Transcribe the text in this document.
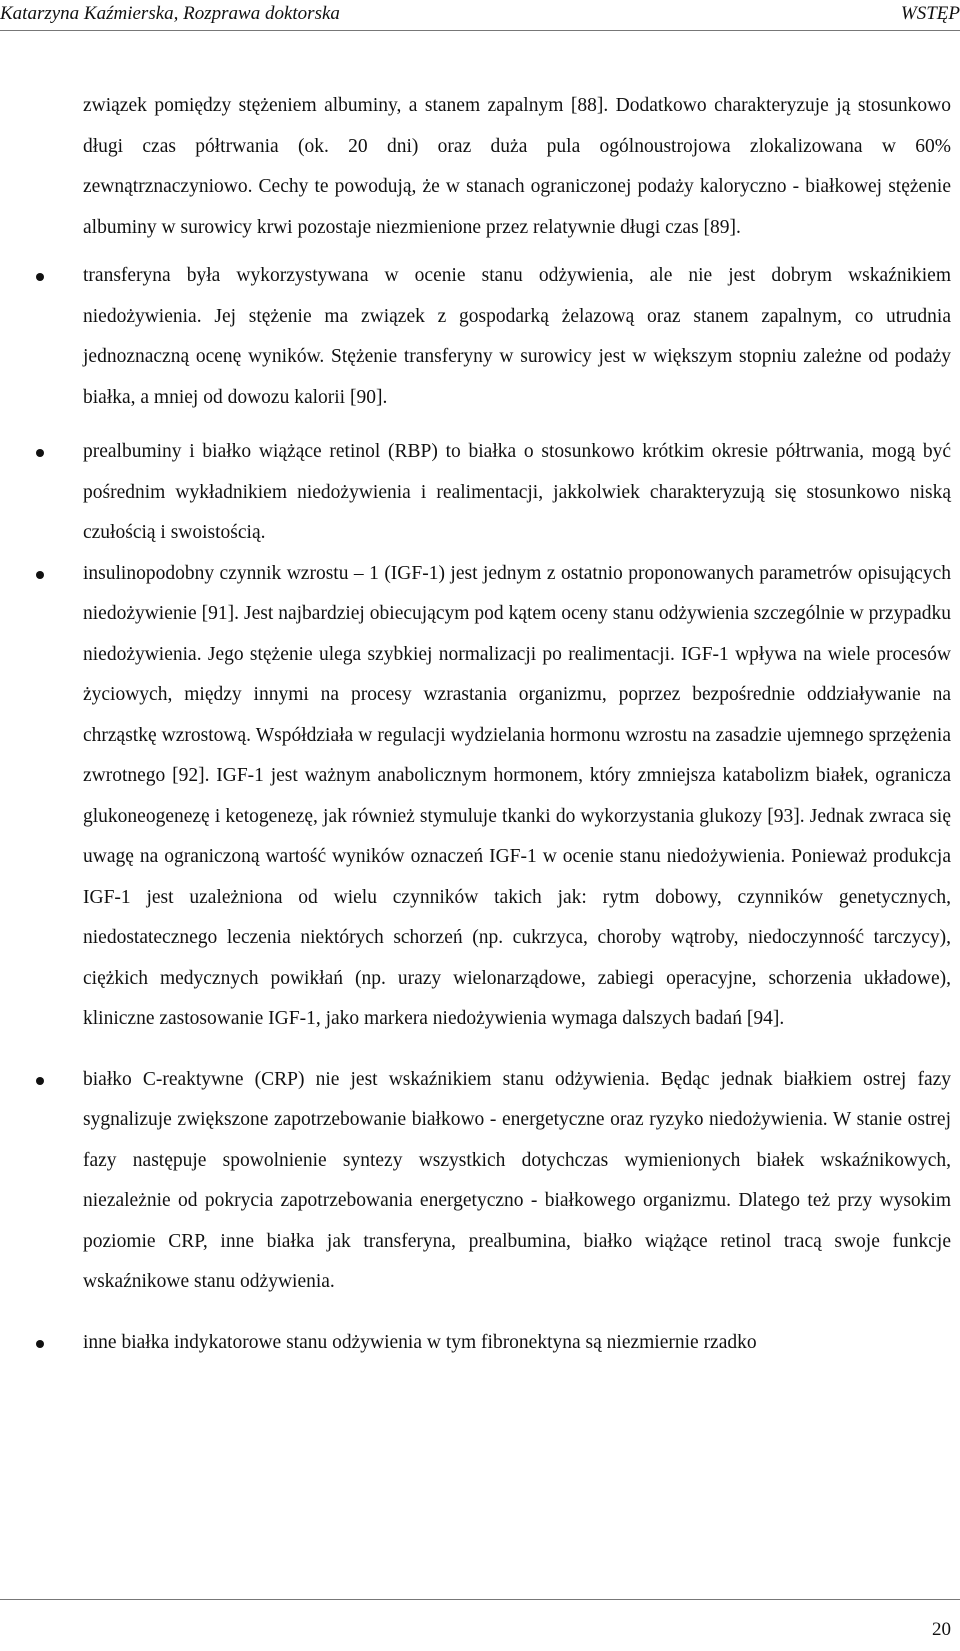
Katarzyna Kaźmierska, Rozprawa doktorska	WSTĘP

związek pomiędzy stężeniem albuminy, a stanem zapalnym [88]. Dodatkowo charakteryzuje ją stosunkowo długi czas półtrwania (ok. 20 dni) oraz duża pula ogólnoustrojowa zlokalizowana w 60% zewnątrznaczyniowo. Cechy te powodują, że w stanach ograniczonej podaży kaloryczno - białkowej stężenie albuminy w surowicy krwi pozostaje niezmienione przez relatywnie długi czas [89].

transferyna była wykorzystywana w ocenie stanu odżywienia, ale nie jest dobrym wskaźnikiem niedożywienia. Jej stężenie ma związek z gospodarką żelazową oraz stanem zapalnym, co utrudnia jednoznaczną ocenę wyników. Stężenie transferyny w surowicy jest w większym stopniu zależne od podaży białka, a mniej od dowozu kalorii [90].
prealbuminy i białko wiążące retinol (RBP) to białka o stosunkowo krótkim okresie półtrwania, mogą być pośrednim wykładnikiem niedożywienia i realimentacji, jakkolwiek charakteryzują się stosunkowo niską czułością i swoistością.
insulinopodobny czynnik wzrostu – 1 (IGF-1) jest jednym z ostatnio proponowanych parametrów opisujących niedożywienie [91]. Jest najbardziej obiecującym pod kątem oceny stanu odżywienia szczególnie w przypadku niedożywienia. Jego stężenie ulega szybkiej normalizacji po realimentacji. IGF-1 wpływa na wiele procesów życiowych, między innymi na procesy wzrastania organizmu, poprzez bezpośrednie oddziaływanie na chrząstkę wzrostową. Współdziała w regulacji wydzielania hormonu wzrostu na zasadzie ujemnego sprzężenia zwrotnego [92]. IGF-1 jest ważnym anabolicznym hormonem, który zmniejsza katabolizm białek, ogranicza glukoneogenezę i ketogenezę, jak również stymuluje tkanki do wykorzystania glukozy [93]. Jednak zwraca się uwagę na ograniczoną wartość wyników oznaczeń IGF-1 w ocenie stanu niedożywienia. Ponieważ produkcja IGF-1 jest uzależniona od wielu czynników takich jak: rytm dobowy, czynników genetycznych, niedostatecznego leczenia niektórych schorzeń (np. cukrzyca, choroby wątroby, niedoczynność tarczycy), ciężkich medycznych powikłań (np. urazy wielonarządowe, zabiegi operacyjne, schorzenia układowe), kliniczne zastosowanie IGF-1, jako markera niedożywienia wymaga dalszych badań [94].
białko C-reaktywne (CRP) nie jest wskaźnikiem stanu odżywienia. Będąc jednak białkiem ostrej fazy sygnalizuje zwiększone zapotrzebowanie białkowo - energetyczne oraz ryzyko niedożywienia. W stanie ostrej fazy następuje spowolnienie syntezy wszystkich dotychczas wymienionych białek wskaźnikowych, niezależnie od pokrycia zapotrzebowania energetyczno - białkowego organizmu. Dlatego też przy wysokim poziomie CRP, inne białka jak transferyna, prealbumina, białko wiążące retinol tracą swoje funkcje wskaźnikowe stanu odżywienia.
inne białka indykatorowe stanu odżywienia w tym fibronektyna są niezmiernie rzadko
20
